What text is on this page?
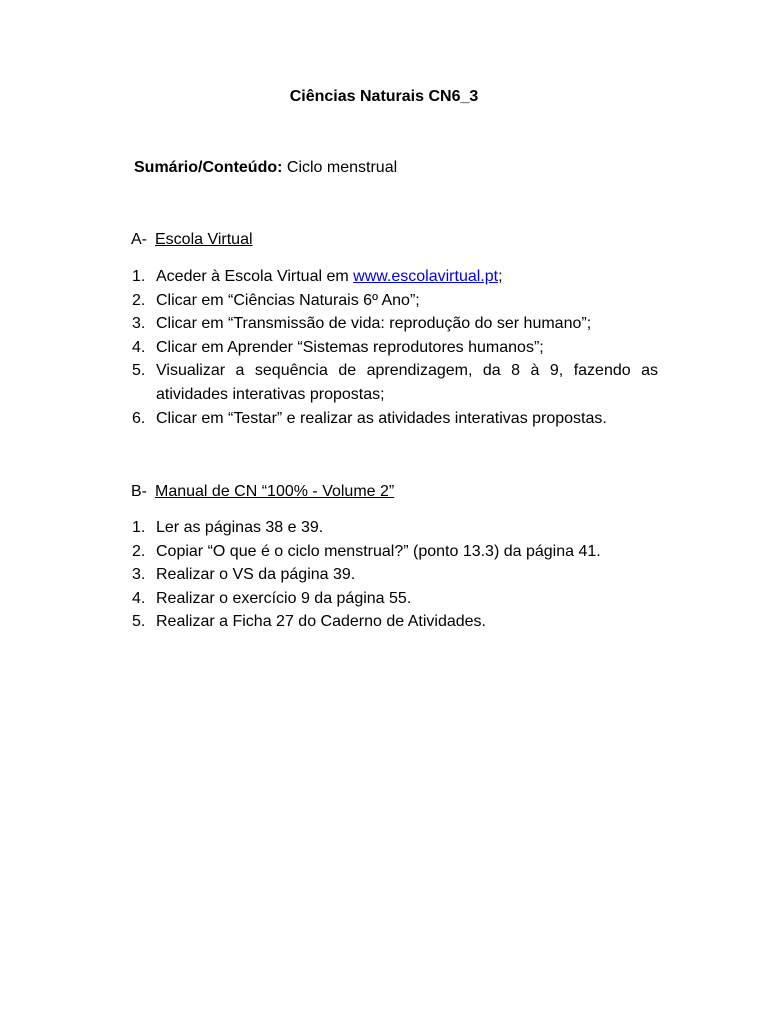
Ciências Naturais CN6_3
Sumário/Conteúdo: Ciclo menstrual
A- Escola Virtual
1. Aceder à Escola Virtual em www.escolavirtual.pt;
2. Clicar em “Ciências Naturais 6º Ano”;
3. Clicar em “Transmissão de vida: reprodução do ser humano”;
4. Clicar em Aprender “Sistemas reprodutores humanos”;
5. Visualizar a sequência de aprendizagem, da 8 à 9, fazendo as atividades interativas propostas;
6. Clicar em “Testar” e realizar as atividades interativas propostas.
B- Manual de CN “100% - Volume 2”
1. Ler as páginas 38 e 39.
2. Copiar “O que é o ciclo menstrual?” (ponto 13.3) da página 41.
3. Realizar o VS da página 39.
4. Realizar o exercício 9 da página 55.
5. Realizar a Ficha 27 do Caderno de Atividades.
